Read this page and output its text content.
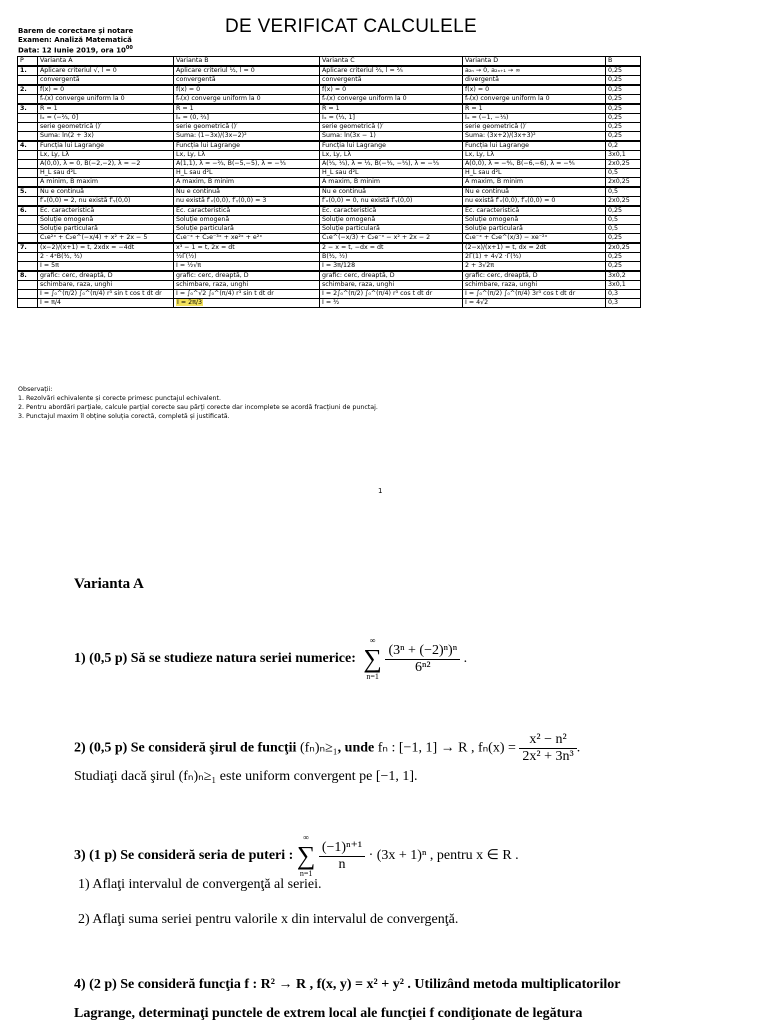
Barem de corectare și notare
Examen: Analiză Matematică
Data: 12 Iunie 2019, ora $10^{00}$
DE VERIFICAT CALCULELE
P	Varianta A	Varianta B	Varianta C	Varianta D	B
1.	Aplicare criteriul √, l = 0	Aplicare criteriul ¹⁄₂, l = 0	Aplicare criteriul ²⁄₃, l = ²⁄₅	a₂ₙ → 0, a₂ₙ₊₁ → ∞	0,25
	convergentă	convergentă	convergentă	divergentă	0,25
2.	f(x) = 0	f(x) = 0	f(x) = 0	f(x) = 0	0,25
	fₙ(x) converge uniform la 0	fₙ(x) converge uniform la 0	fₙ(x) converge uniform la 0	fₙ(x) converge uniform la 0	0,25
3.	R = 1	R = 1	R = 1	R = 1	0,25
	Iₓ = (−²⁄₃, 0]	Iₓ = (0, ²⁄₃]	Iₓ = (¹⁄₃, 1]	Iₓ = (−1, −¹⁄₃)	0,25
	serie geometrică ()′	serie geometrică ()′	serie geometrică ()′	serie geometrică ()′	0,25
	Suma: ln(2 + 3x)	Suma: (1−3x)/(3x−2)²	Suma: ln(3x − 1)	Suma: (3x+2)/(3x+3)²	0,25
4.	Funcția lui Lagrange	Funcția lui Lagrange	Funcția lui Lagrange	Funcția lui Lagrange	0,2
	Lx, Ly, Lλ	Lx, Ly, Lλ	Lx, Ly, Lλ	Lx, Ly, Lλ	3x0,1
	A(0,0), λ = 0, B(−2,−2), λ = −2	A(1,1), λ = −²⁄₃, B(−5,−5), λ = −⁵⁄₃	A(¹⁄₃, ¹⁄₃), λ = ¹⁄₃, B(−⁵⁄₃, −⁵⁄₃), λ = −⁵⁄₃	A(0,0), λ = −⁶⁄₅, B(−6,−6), λ = −⁶⁄₅	2x0,25
	H_L sau d²L	H_L sau d²L	H_L sau d²L	H_L sau d²L	0,5
	A minim, B maxim	A maxim, B minim	A maxim, B minim	A maxim, B minim	2x0,25
5.	Nu e continuă	Nu e continuă	Nu e continuă	Nu e continuă	0,5
	f′ₓ(0,0) = 2, nu există f′ᵧ(0,0)	nu există f′ₓ(0,0), f′ᵧ(0,0) = 3	f′ₓ(0,0) = 0, nu există f′ᵧ(0,0)	nu există f′ₓ(0,0), f′ᵧ(0,0) = 0	2x0,25
6.	Ec. caracteristică	Ec. caracteristică	Ec. caracteristică	Ec. caracteristică	0,25
	Soluție omogenă	Soluție omogenă	Soluție omogenă	Soluție omogenă	0,5
	Soluție particulară	Soluție particulară	Soluție particulară	Soluție particulară	0,5
	C₁e²ˣ + C₂e^(−x/4) + x² + 2x − 5	C₁e⁻ˣ + C₂e⁻³ˣ + xe²ˣ + e²ˣ	C₁e^(−x/3) + C₂e⁻ˣ − x² + 2x − 2	C₁e⁻ˣ + C₂e^(x/3) − xe⁻²ˣ	0,25
7.	(x−2)/(x+1) = t, 2xdx = −4dt	x³ − 1 = t, 2x = dt	2 − x = t, −dx = dt	(2−x)/(x+1) = t, dx = 2dt	2x0,25
	2 · 4ˣB(³⁄₂, ³⁄₂)	½Γ(½)	B(³⁄₂, ½)	2Γ(1) + 4√2 ·Γ(³⁄₂)	0,25
	I = 5π	I = ½√π	I = 3π/128	2 + 3√2π	0,25
8.	grafic: cerc, dreaptă, D	grafic: cerc, dreaptă, D	grafic: cerc, dreaptă, D	grafic: cerc, dreaptă, D	3x0,2
	schimbare, raza, unghi	schimbare, raza, unghi	schimbare, raza, unghi	schimbare, raza, unghi	3x0,1
	I = ∫₀^(π/2) ∫₀^(π/4) r³ sin t cos t dt dr	I = ∫₀^√2 ∫₀^(π/4) r³ sin t dt dr	I = 2∫₀^(π/2) ∫₀^(π/4) r³ cos t dt dr	I = ∫₀^(π/2) ∫₀^(π/4) 3r³ cos t dt dr	0,3
	I = π/4	I = 2π/3	I = ³⁄₂	I = 4√2	0,3
Observații:
1. Rezolvări echivalente și corecte primesc punctajul echivalent.
2. Pentru abordări parțiale, calcule parțial corecte sau părți corecte dar incomplete se acordă fracțiuni de punctaj.
3. Punctajul maxim îl obține soluția corectă, completă și justificată.
1
Varianta A
1) (0,5 p) Să se studieze natura seriei numerice:
∞
∑
n=1

$\frac{\text{(3ⁿ + (−2)ⁿ)ⁿ}}{\text{6ⁿ²}}$ .
2) (0,5 p) Se consideră şirul de funcţii (fₙ)ₙ≥₁, unde fₙ : [−1, 1] → R , $f_n(x) = \frac{\text{x² − n²}}{\text{2x² + 3n³}}$ .
Studiaţi dacă şirul (fₙ)ₙ≥₁ este uniform convergent pe [−1, 1].
3) (1 p) Se consideră seria de puteri :
∞
∑
n=1

$\frac{\text{(−1)ⁿ⁺¹}}{n} \cdot (3x + 1)^n$ , pentru x ∈ R .
1) Aflaţi intervalul de convergenţă al seriei.
2) Aflaţi suma seriei pentru valorile x din intervalul de convergenţă.
4) (2 p) Se consideră funcţia f : R² → R , f(x, y) = x² + y² . Utilizând metoda multiplicatorilor
Lagrange, determinaţi punctele de extrem local ale funcţiei f condiţionate de legătura
